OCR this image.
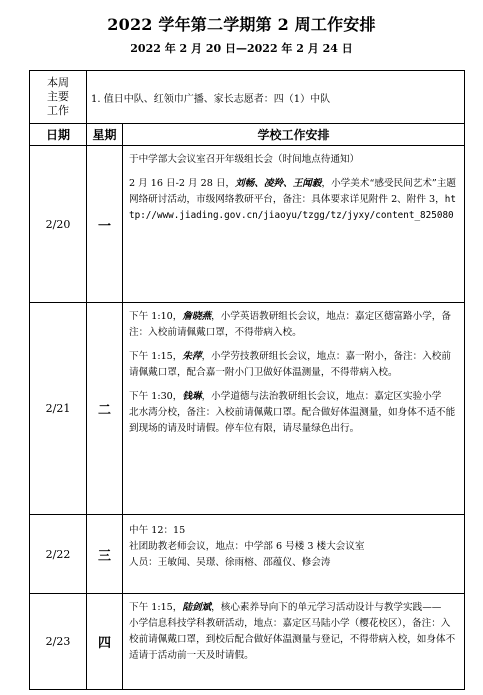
2022 学年第二学期第 2 周工作安排
2022 年 2 月 20 日—2022 年 2 月 24 日
本周
主要
工作	1. 值日中队、红领巾广播、家长志愿者：四（1）中队	
日期	星期	学校工作安排
2/20	一	于中学部大会议室召开年级组长会（时间地点待通知）

2 月 16 日-2 月 28 日，刘畅、凌羚、王闻毅，小学美术“感受民间艺术”主题网络研讨活动，市级网络教研平台，备注：具体要求详见附件 2、附件 3，http://www.jiading.gov.cn/jiaoyu/tzgg/tz/jyxy/content_825080

2/21	二	下午 1:10，詹晓燕，小学英语教研组长会议，地点：嘉定区德富路小学，备注：入校前请佩戴口罩，不得带病入校。

下午 1:15，朱萍，小学劳技教研组长会议，地点：嘉一附小，备注：入校前请佩戴口罩，配合嘉一附小门卫做好体温测量，不得带病入校。

下午 1:30，钱琳，小学道德与法治教研组长会议，地点：嘉定区实验小学
北水湾分校，备注：入校前请佩戴口罩。配合做好体温测量，如身体不适不能到现场的请及时请假。停车位有限，请尽量绿色出行。

2/22	三	中午 12：15
社团助教老师会议，地点：中学部 6 号楼 3 楼大会议室
人员：王敏闻、吴璟、徐雨榕、邵蕴仪、修会涛

2/23	四	下午 1:15，陆剑斌，核心素养导向下的单元学习活动设计与教学实践——
小学信息科技学科教研活动，地点：嘉定区马陆小学（樱花校区），备注：入校前请佩戴口罩，到校后配合做好体温测量与登记，不得带病入校，如身体不适请于活动前一天及时请假。
